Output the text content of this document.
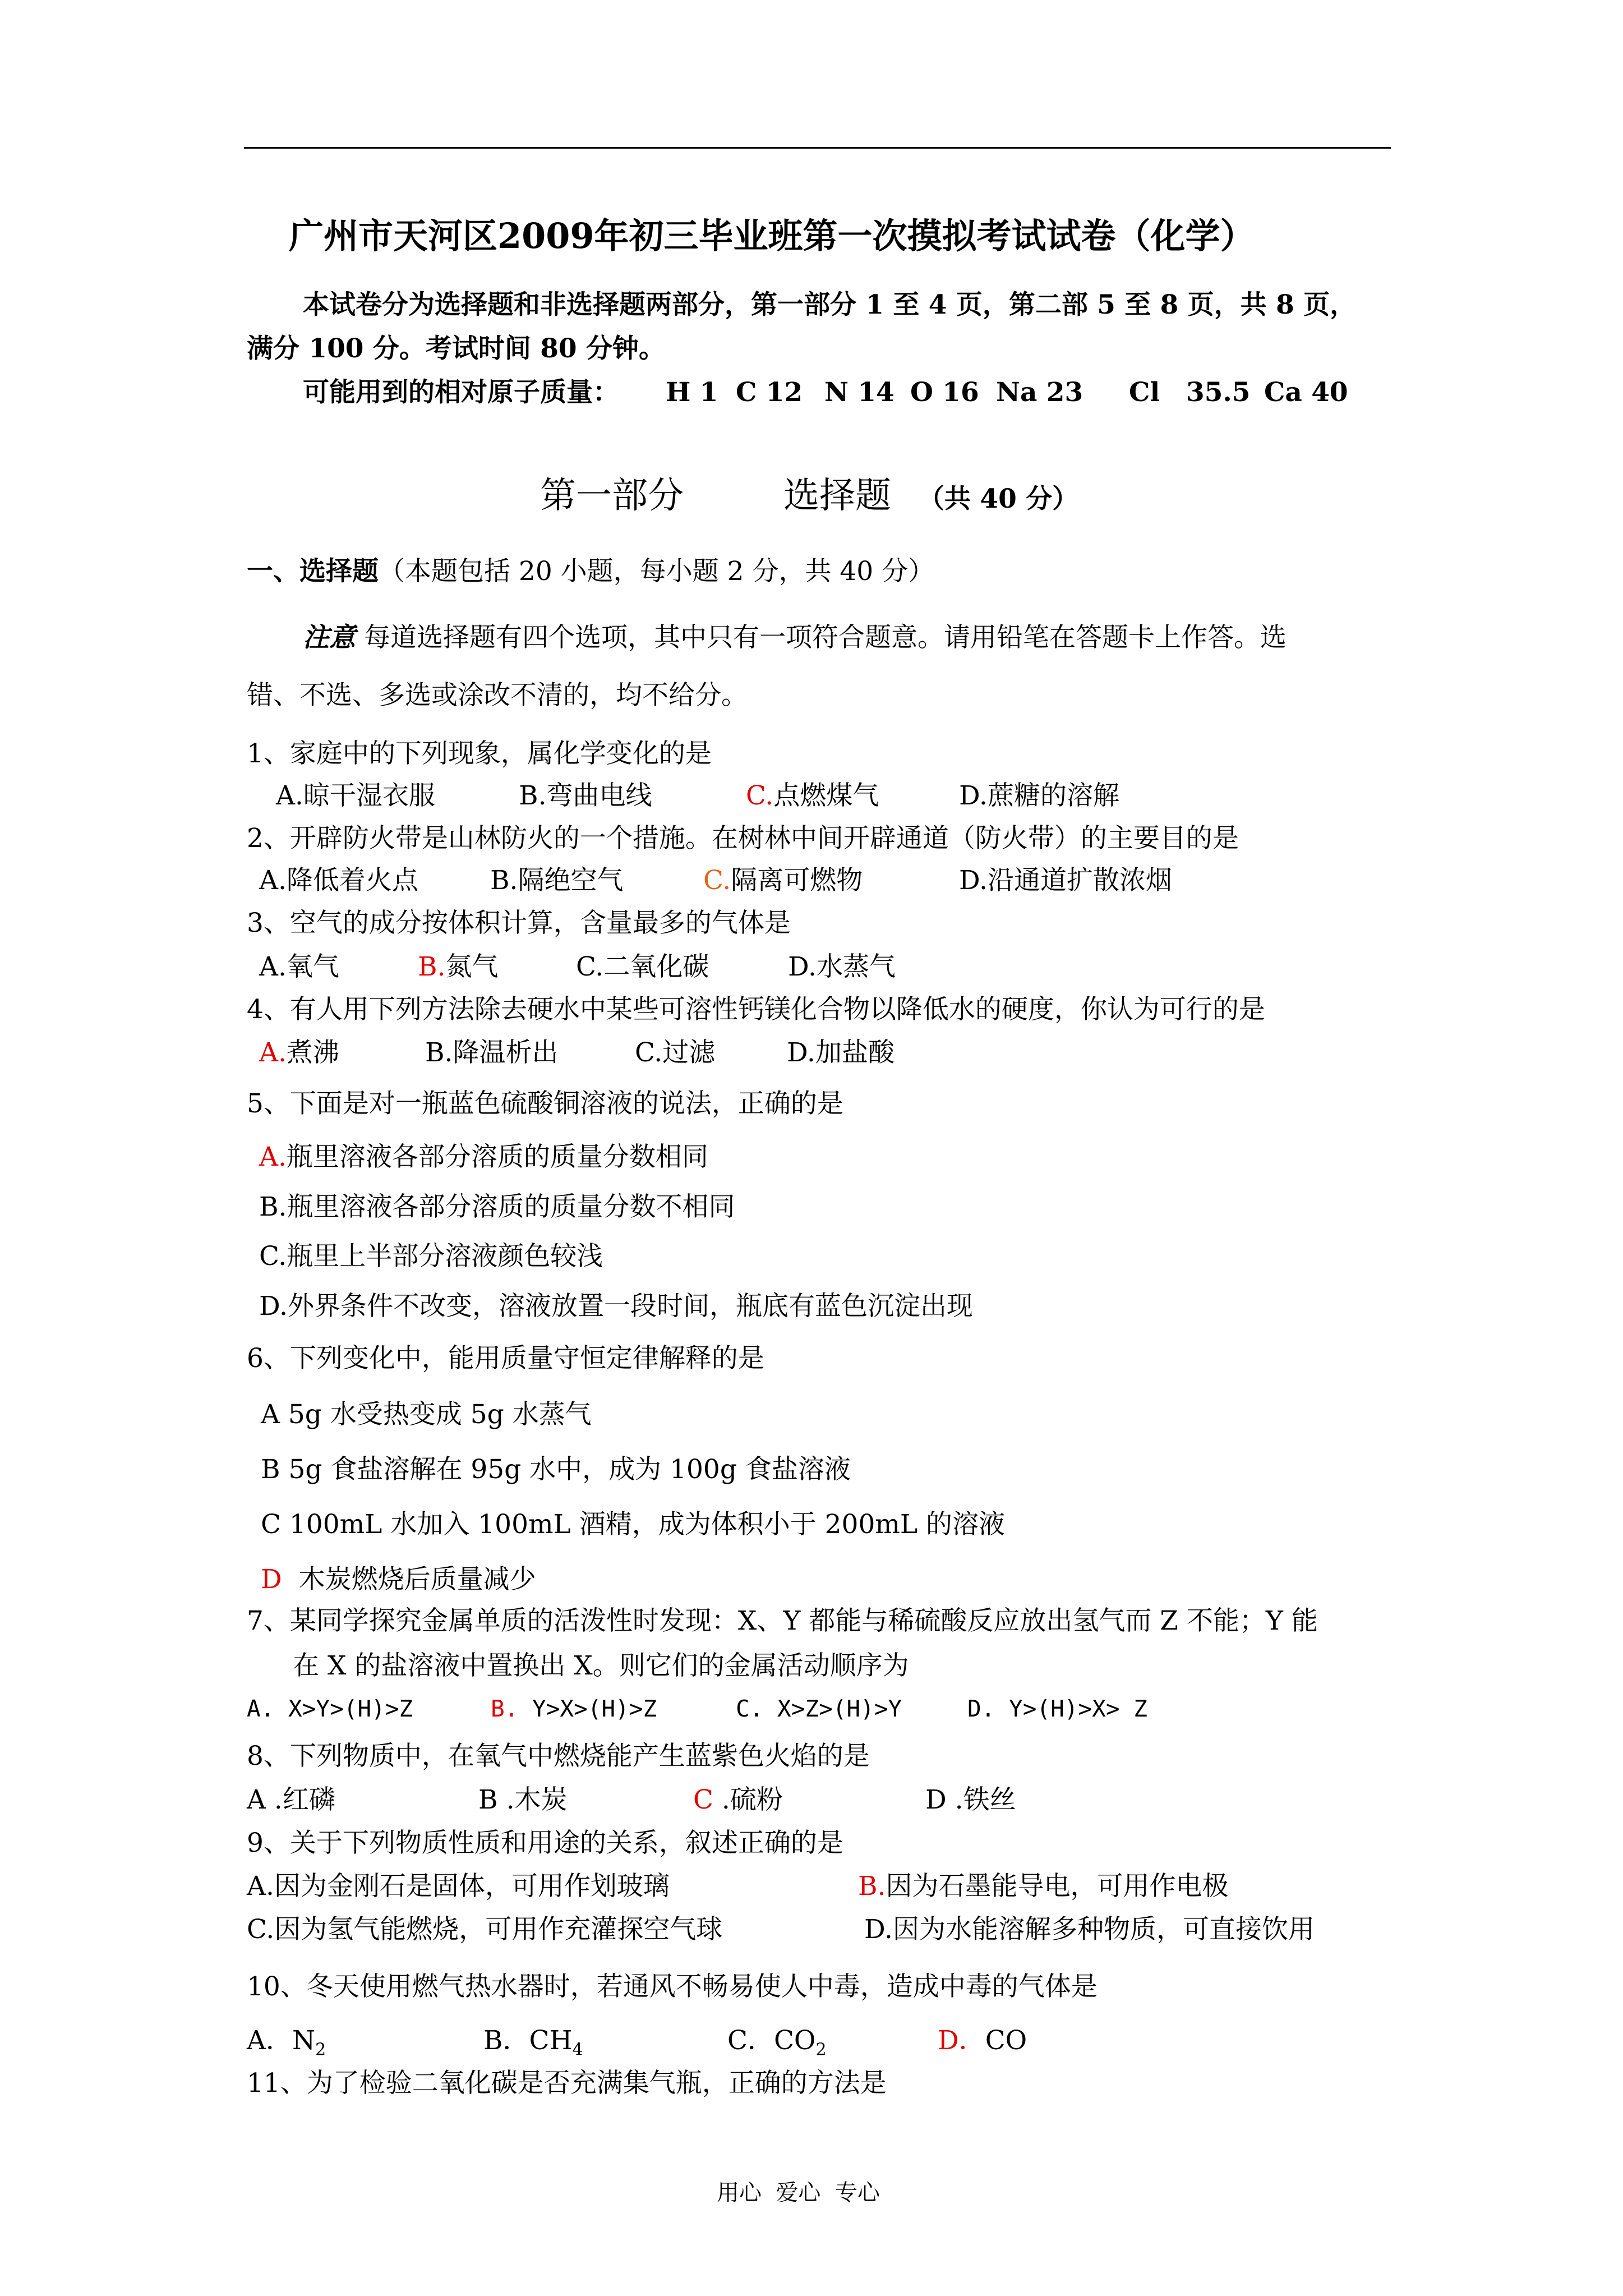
广州市天河区2009年初三毕业班第一次摸拟考试试卷（化学）
本试卷分为选择题和非选择题两部分，第一部分 1 至 4 页，第二部 5 至 8 页，共 8 页，
满分 100 分。考试时间 80 分钟。
可能用到的相对原子质量： H 1 C 12 N 14 O 16 Na 23 Cl 35.5 Ca 40
第一部分	选择题 （共 40 分）
一、选择题（本题包括 20 小题，每小题 2 分，共 40 分）
注意 每道选择题有四个选项，其中只有一项符合题意。请用铅笔在答题卡上作答。选
错、不选、多选或涂改不清的，均不给分。
1、家庭中的下列现象，属化学变化的是
A.晾干湿衣服	B.弯曲电线	C.点燃煤气	D.蔗糖的溶解
2、开辟防火带是山林防火的一个措施。在树林中间开辟通道（防火带）的主要目的是
A.降低着火点	B.隔绝空气	C.隔离可燃物	D.沿通道扩散浓烟
3、空气的成分按体积计算，含量最多的气体是
A.氧气	B.氮气	C.二氧化碳	D.水蒸气
4、有人用下列方法除去硬水中某些可溶性钙镁化合物以降低水的硬度，你认为可行的是
A.煮沸	B.降温析出	C.过滤	D.加盐酸
5、下面是对一瓶蓝色硫酸铜溶液的说法，正确的是
A.瓶里溶液各部分溶质的质量分数相同
B.瓶里溶液各部分溶质的质量分数不相同
C.瓶里上半部分溶液颜色较浅
D.外界条件不改变，溶液放置一段时间，瓶底有蓝色沉淀出现
6、下列变化中，能用质量守恒定律解释的是
A 5g 水受热变成 5g 水蒸气
B 5g 食盐溶解在 95g 水中，成为 100g 食盐溶液
C 100mL 水加入 100mL 酒精，成为体积小于 200mL 的溶液
D  木炭燃烧后质量减少
7、某同学探究金属单质的活泼性时发现：X、Y 都能与稀硫酸反应放出氢气而 Z 不能；Y 能
在 X 的盐溶液中置换出 X。则它们的金属活动顺序为
A. X>Y>(H)>Z	B. Y>X>(H)>Z	C. X>Z>(H)>Y	D. Y>(H)>X> Z
8、下列物质中，在氧气中燃烧能产生蓝紫色火焰的是
A .红磷	B .木炭	C .硫粉	D .铁丝
9、关于下列物质性质和用途的关系，叙述正确的是
A.因为金刚石是固体，可用作划玻璃	B.因为石墨能导电，可用作电极
C.因为氢气能燃烧，可用作充灌探空气球	D.因为水能溶解多种物质，可直接饮用
10、冬天使用燃气热水器时，若通风不畅易使人中毒，造成中毒的气体是
A．$N_2$	B．$CH_4$	C．$CO_2$	D．CO
11、为了检验二氧化碳是否充满集气瓶，正确的方法是
用心  爱心  专心
